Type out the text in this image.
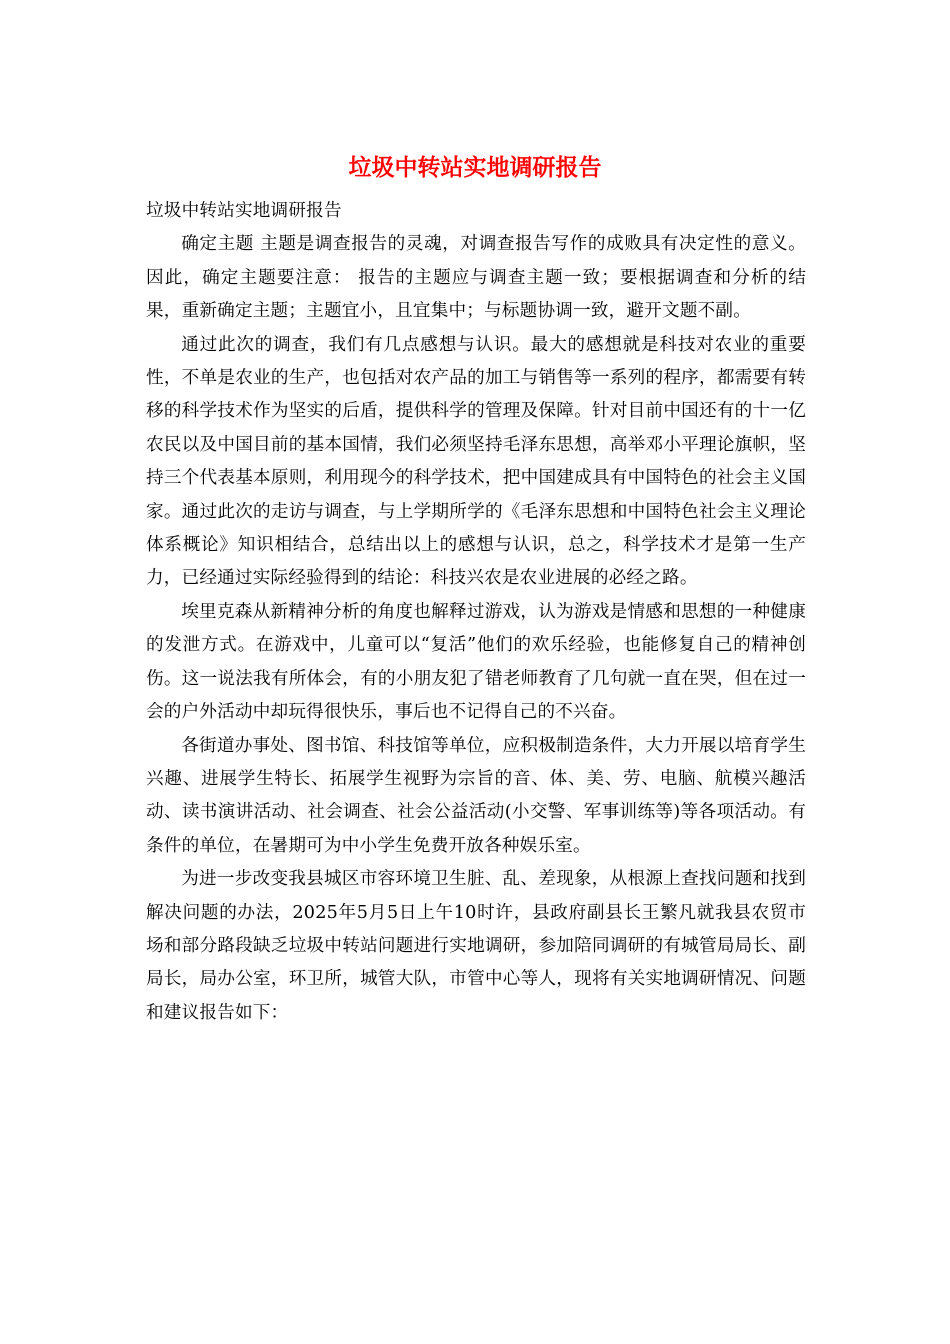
垃圾中转站实地调研报告

垃圾中转站实地调研报告

确定主题 主题是调查报告的灵魂，对调查报告写作的成败具有决定性的意义。因此，确定主题要注意： 报告的主题应与调查主题一致；要根据调查和分析的结果，重新确定主题；主题宜小，且宜集中；与标题协调一致，避开文题不副。

通过此次的调查，我们有几点感想与认识。最大的感想就是科技对农业的重要性，不单是农业的生产，也包括对农产品的加工与销售等一系列的程序，都需要有转移的科学技术作为坚实的后盾，提供科学的管理及保障。针对目前中国还有的十一亿农民以及中国目前的基本国情，我们必须坚持毛泽东思想，高举邓小平理论旗帜，坚持三个代表基本原则，利用现今的科学技术，把中国建成具有中国特色的社会主义国家。通过此次的走访与调查，与上学期所学的《毛泽东思想和中国特色社会主义理论体系概论》知识相结合，总结出以上的感想与认识，总之，科学技术才是第一生产力，已经通过实际经验得到的结论：科技兴农是农业进展的必经之路。

埃里克森从新精神分析的角度也解释过游戏，认为游戏是情感和思想的一种健康的发泄方式。在游戏中，儿童可以“复活”他们的欢乐经验，也能修复自己的精神创伤。这一说法我有所体会，有的小朋友犯了错老师教育了几句就一直在哭，但在过一会的户外活动中却玩得很快乐，事后也不记得自己的不兴奋。

各街道办事处、图书馆、科技馆等单位，应积极制造条件，大力开展以培育学生兴趣、进展学生特长、拓展学生视野为宗旨的音、体、美、劳、电脑、航模兴趣活动、读书演讲活动、社会调查、社会公益活动(小交警、军事训练等)等各项活动。有条件的单位，在暑期可为中小学生免费开放各种娱乐室。

为进一步改变我县城区市容环境卫生脏、乱、差现象，从根源上查找问题和找到解决问题的办法，2025年5月5日上午10时许，县政府副县长王繁凡就我县农贸市场和部分路段缺乏垃圾中转站问题进行实地调研，参加陪同调研的有城管局局长、副局长，局办公室，环卫所，城管大队，市管中心等人，现将有关实地调研情况、问题和建议报告如下：
